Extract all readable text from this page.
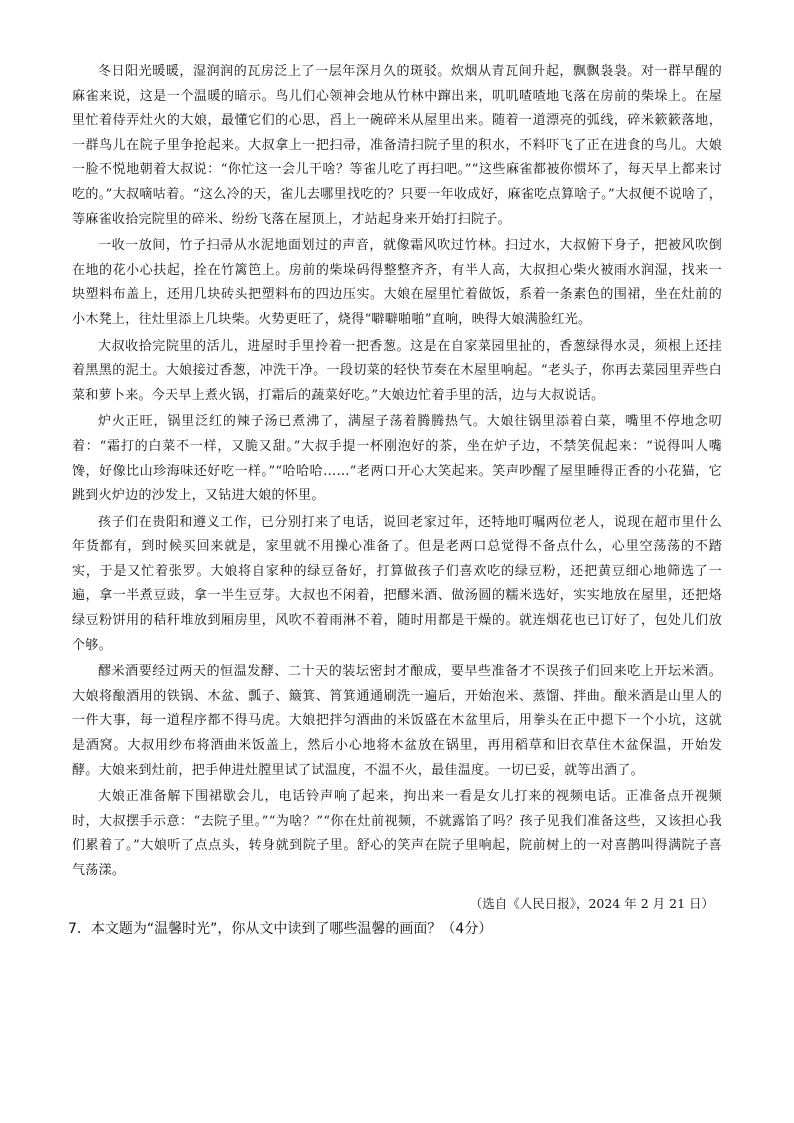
冬日阳光暖暖，湿润润的瓦房泛上了一层年深月久的斑驳。炊烟从青瓦间升起，飘飘袅袅。对一群早醒的麻雀来说，这是一个温暖的暗示。鸟儿们心领神会地从竹林中蹿出来，叽叽喳喳地飞落在房前的柴垛上。在屋里忙着侍弄灶火的大娘，最懂它们的心思，舀上一碗碎米从屋里出来。随着一道漂亮的弧线，碎米簌簌落地，一群鸟儿在院子里争抢起来。大叔拿上一把扫帚，准备清扫院子里的积水，不料吓飞了正在进食的鸟儿。大娘一脸不悦地朝着大叔说：“你忙这一会儿干啥？等雀儿吃了再扫吧。”“这些麻雀都被你惯坏了，每天早上都来讨吃的。”大叔嘀咕着。“这么冷的天，雀儿去哪里找吃的？只要一年收成好，麻雀吃点算啥子。”大叔便不说啥了，等麻雀收拾完院里的碎米、纷纷飞落在屋顶上，才站起身来开始打扫院子。

一收一放间，竹子扫帚从水泥地面划过的声音，就像霜风吹过竹林。扫过水，大叔俯下身子，把被风吹倒在地的花小心扶起，拴在竹篱笆上。房前的柴垛码得整整齐齐，有半人高，大叔担心柴火被雨水润湿，找来一块塑料布盖上，还用几块砖头把塑料布的四边压实。大娘在屋里忙着做饭，系着一条素色的围裙，坐在灶前的小木凳上，往灶里添上几块柴。火势更旺了，烧得“噼噼啪啪”直响，映得大娘满脸红光。

大叔收拾完院里的活儿，进屋时手里拎着一把香葱。这是在自家菜园里扯的，香葱绿得水灵，须根上还挂着黑黑的泥土。大娘接过香葱，冲洗干净。一段切菜的轻快节奏在木屋里响起。“老头子，你再去菜园里弄些白菜和萝卜来。今天早上煮火锅，打霜后的蔬菜好吃。”大娘边忙着手里的活，边与大叔说话。

炉火正旺，锅里泛红的辣子汤已煮沸了，满屋子荡着腾腾热气。大娘往锅里添着白菜，嘴里不停地念叨着：“霜打的白菜不一样，又脆又甜。”大叔手提一杯刚泡好的茶，坐在炉子边，不禁笑侃起来：“说得叫人嘴馋，好像比山珍海味还好吃一样。”“哈哈哈……”老两口开心大笑起来。笑声吵醒了屋里睡得正香的小花猫，它跳到火炉边的沙发上，又钻进大娘的怀里。

孩子们在贵阳和遵义工作，已分别打来了电话，说回老家过年，还特地叮嘱两位老人，说现在超市里什么年货都有，到时候买回来就是，家里就不用操心准备了。但是老两口总觉得不备点什么，心里空荡荡的不踏实，于是又忙着张罗。大娘将自家种的绿豆备好，打算做孩子们喜欢吃的绿豆粉，还把黄豆细心地筛选了一遍，拿一半煮豆豉，拿一半生豆芽。大叔也不闲着，把醪米酒、做汤圆的糯米选好，实实地放在屋里，还把烙绿豆粉饼用的秸秆堆放到厢房里，风吹不着雨淋不着，随时用都是干燥的。就连烟花也已订好了，包处儿们放个够。

醪米酒要经过两天的恒温发酵、二十天的装坛密封才酿成，要早些准备才不误孩子们回来吃上开坛米酒。大娘将酿酒用的铁锅、木盆、瓢子、簸箕、筲箕通通刷洗一遍后，开始泡米、蒸馏、拌曲。酿米酒是山里人的一件大事，每一道程序都不得马虎。大娘把拌匀酒曲的米饭盛在木盆里后，用拳头在正中摁下一个小坑，这就是酒窝。大叔用纱布将酒曲米饭盖上，然后小心地将木盆放在锅里，再用稻草和旧衣草住木盆保温，开始发酵。大娘来到灶前，把手伸进灶膛里试了试温度，不温不火，最佳温度。一切已妥，就等出酒了。

大娘正准备解下围裙歇会儿，电话铃声响了起来，拘出来一看是女儿打来的视频电话。正准备点开视频时，大叔摆手示意：“去院子里。”“为啥？”“你在灶前视频，不就露馅了吗？孩子见我们准备这些，又该担心我们累着了。”大娘听了点点头，转身就到院子里。舒心的笑声在院子里响起，院前树上的一对喜鹊叫得满院子喜气荡漾。

（选自《人民日报》，2024 年 2 月 21 日）
7．本文题为“温馨时光”，你从文中读到了哪些温馨的画面？（4分）
